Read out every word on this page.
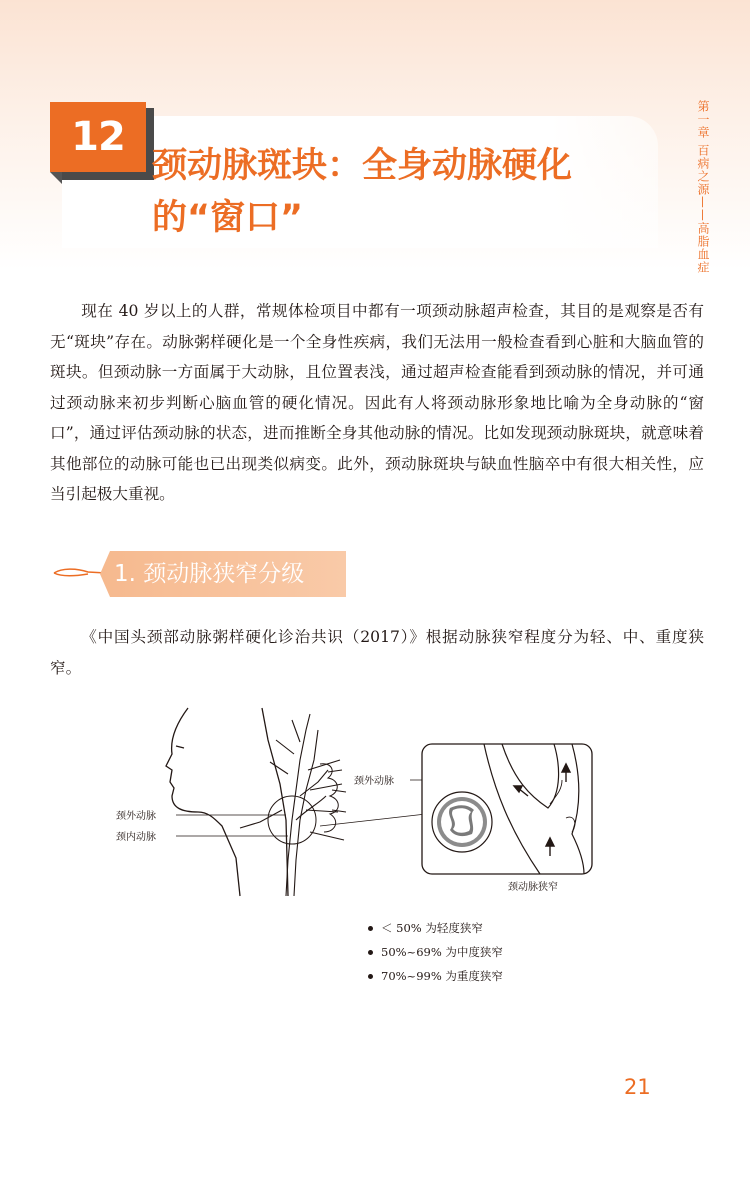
12
颈动脉斑块：全身动脉硬化
的“窗口”	第一章 百病之源——高脂血症
现在 40 岁以上的人群，常规体检项目中都有一项颈动脉超声检查，其目的是观察是否有无“斑块”存在。动脉粥样硬化是一个全身性疾病，我们无法用一般检查看到心脏和大脑血管的斑块。但颈动脉一方面属于大动脉，且位置表浅，通过超声检查能看到颈动脉的情况，并可通过颈动脉来初步判断心脑血管的硬化情况。因此有人将颈动脉形象地比喻为全身动脉的“窗口”，通过评估颈动脉的状态，进而推断全身其他动脉的情况。比如发现颈动脉斑块，就意味着其他部位的动脉可能也已出现类似病变。此外，颈动脉斑块与缺血性脑卒中有很大相关性，应当引起极大重视。
1. 颈动脉狭窄分级
《中国头颈部动脉粥样硬化诊治共识（2017）》根据动脉狭窄程度分为轻、中、重度狭窄。
颈外动脉
颈内动脉
颈外动脉
颈动脉狭窄
＜ 50% 为轻度狭窄
50%~69% 为中度狭窄
70%~99% 为重度狭窄
21
